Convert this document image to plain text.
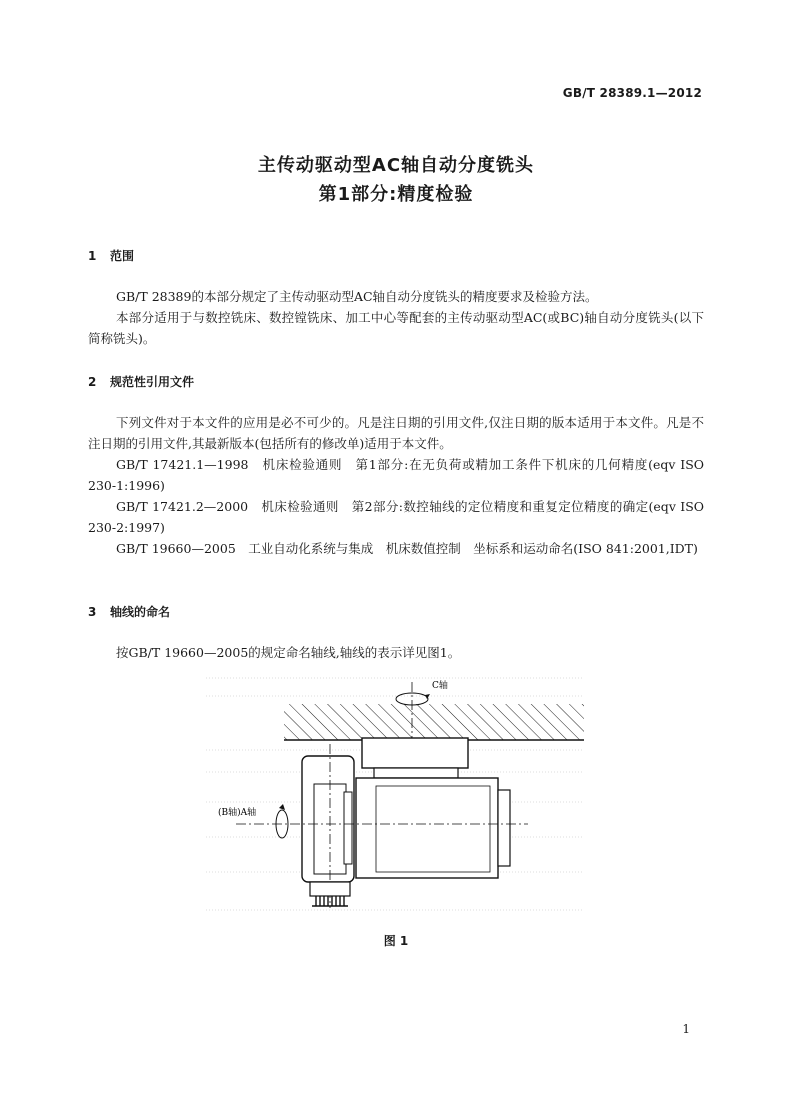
GB/T 28389.1—2012
主传动驱动型AC轴自动分度铣头
第1部分:精度检验
1 范围

GB/T 28389的本部分规定了主传动驱动型AC轴自动分度铣头的精度要求及检验方法。

本部分适用于与数控铣床、数控镗铣床、加工中心等配套的主传动驱动型AC(或BC)轴自动分度铣头(以下简称铣头)。

2 规范性引用文件

下列文件对于本文件的应用是必不可少的。凡是注日期的引用文件,仅注日期的版本适用于本文件。凡是不注日期的引用文件,其最新版本(包括所有的修改单)适用于本文件。

GB/T 17421.1—1998　机床检验通则　第1部分:在无负荷或精加工条件下机床的几何精度(eqv ISO 230-1:1996)

GB/T 17421.2—2000　机床检验通则　第2部分:数控轴线的定位精度和重复定位精度的确定(eqv ISO 230-2:1997)

GB/T 19660—2005　工业自动化系统与集成　机床数值控制　坐标系和运动命名(ISO 841:2001,IDT)

3 轴线的命名

按GB/T 19660—2005的规定命名轴线,轴线的表示详见图1。

C轴
(B轴)A轴
图 1
1
